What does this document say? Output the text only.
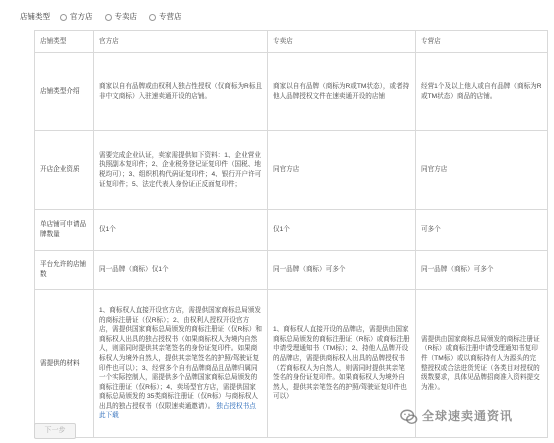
店铺类型	官方店	专卖店	专营店
店铺类型	官方店	专卖店	专营店
店铺类型介绍	商家以自有品牌或由权利人独占性授权（仅商标为R标且非中文商标）入驻速卖通开设的店铺。	商家以自有品牌（商标为R或TM状态），或者持他人品牌授权文件在速卖通开设的店铺	经营1个及以上他人或自有品牌（商标为R或TM状态）商品的店铺。
开店企业资质	需要完成企业认证，卖家需提供如下资料：1、企业营业执照副本复印件；2、企业税务登记证复印件（国税、地税均可）；3、组织机构代码证复印件；4、银行开户许可证复印件；5、法定代表人身份证正反面复印件；	同官方店	同官方店
单店铺可申请品牌数量	仅1个	仅1个	可多个
平台允许的店铺数	同一品牌（商标）仅1个	同一品牌（商标）可多个	同一品牌（商标）可多个
需提供的材料	1、商标权人直接开设官方店，需提供国家商标总局颁发的商标注册证（仅R标）；2、由权利人授权开设官方店，需提供国家商标总局颁发的商标注册证（仅R标）和商标权人出具的独占授权书（如果商标权人为境内自然人，则需同时提供其亲笔签名的身份证复印件。如果商标权人为境外自然人，提供其亲笔签名的护照/驾驶证复印件也可以）；3、经营多个自有品牌商品且品牌归属同一个实际控制人，需提供多个品牌国家商标总局颁发的商标注册证（仅R标）；4、卖场型官方店，需提供国家商标总局颁发的 35类商标注册证（仅R标）与商标权人出具的独占授权书（仅限速卖通邀请）。 独占授权书点此下载	1、商标权人直接开设的品牌店，需提供由国家商标总局颁发的商标注册证（R标）或商标注册申请受理通知书（TM标）；2、持他人品牌开设的品牌店，需提供商标权人出具的品牌授权书（若商标权人为自然人，则需同时提供其亲笔签名的身份证复印件。如果商标权人为境外自然人，提供其亲笔签名的护照/驾驶证复印件也可以）	需提供由国家商标总局颁发的商标注册证（R标）或商标注册申请受理通知书复印件（TM标）或以商标持有人为源头的完整授权或合法进货凭证（各类目对授权的级数要求，具体见品牌招商准入资料提交为准）。
下一步
全球速卖通资讯
